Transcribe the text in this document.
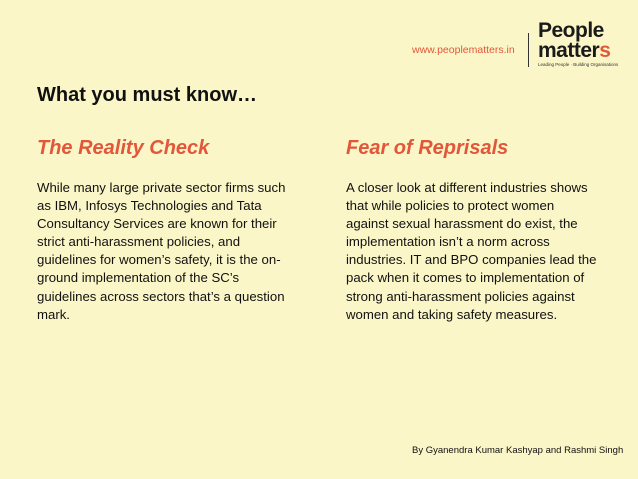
www.peoplematters.in
People
matters
Leading People · Building Organisations
What you must know…
The Reality Check
While many large private sector firms such as IBM, Infosys Technologies and Tata Consultancy Services are known for their strict anti-harassment policies, and guidelines for women’s safety, it is the on-ground implementation of the SC’s guidelines across sectors that’s a question mark.
Fear of Reprisals
A closer look at different industries shows that while policies to protect women against sexual harassment do exist, the implementation isn’t a norm across industries. IT and BPO companies lead the pack when it comes to implementation of strong anti-harassment policies against women and taking safety measures.
By Gyanendra Kumar Kashyap and Rashmi Singh
